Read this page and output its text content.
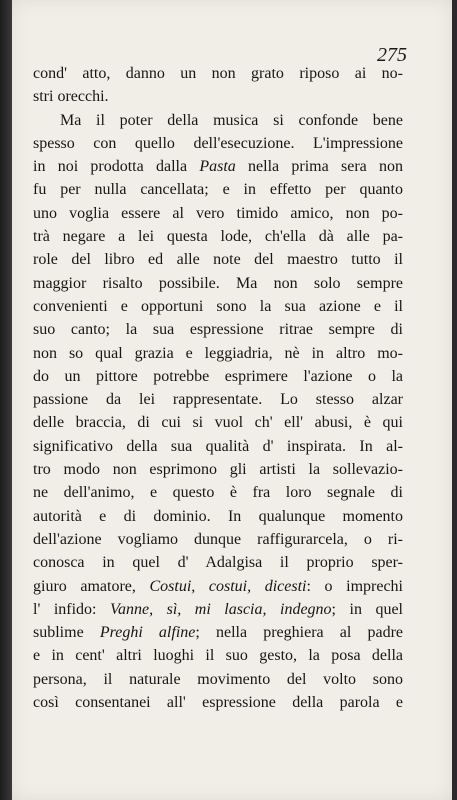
275
cond' atto, danno un non grato riposo ai no-
stri orecchi.
Ma il poter della musica si confonde bene
spesso con quello dell'esecuzione. L'impressione
in noi prodotta dalla Pasta nella prima sera non
fu per nulla cancellata; e in effetto per quanto
uno voglia essere al vero timido amico, non po-
trà negare a lei questa lode, ch'ella dà alle pa-
role del libro ed alle note del maestro tutto il
maggior risalto possibile. Ma non solo sempre
convenienti e opportuni sono la sua azione e il
suo canto; la sua espressione ritrae sempre di
non so qual grazia e leggiadria, nè in altro mo-
do un pittore potrebbe esprimere l'azione o la
passione da lei rappresentate. Lo stesso alzar
delle braccia, di cui si vuol ch' ell' abusi, è qui
significativo della sua qualità d' inspirata. In al-
tro modo non esprimono gli artisti la sollevazio-
ne dell'animo, e questo è fra loro segnale di
autorità e di dominio. In qualunque momento
dell'azione vogliamo dunque raffigurarcela, o ri-
conosca in quel d' Adalgisa il proprio sper-
giuro amatore, Costui, costui, dicesti: o imprechi
l' infido: Vanne, sì, mi lascia, indegno; in quel
sublime Preghi alfine; nella preghiera al padre
e in cent' altri luoghi il suo gesto, la posa della
persona, il naturale movimento del volto sono
così consentanei all' espressione della parola e
